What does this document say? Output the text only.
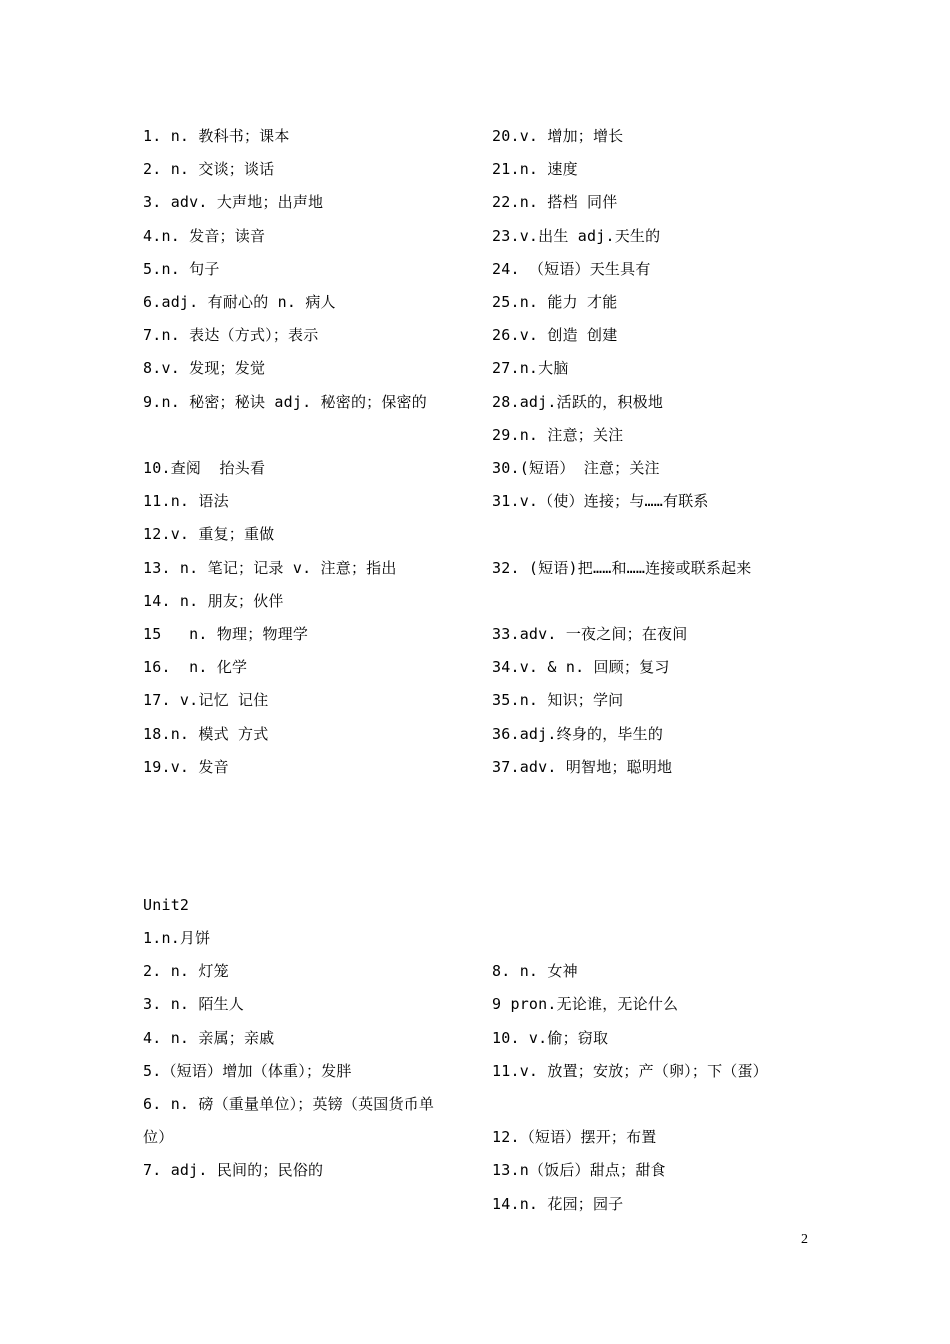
1. n. 教科书；课本
2. n. 交谈；谈话
3. adv. 大声地；出声地
4.n. 发音；读音
5.n. 句子
6.adj. 有耐心的 n. 病人
7.n. 表达（方式）；表示
8.v. 发现；发觉
9.n. 秘密；秘诀 adj. 秘密的；保密的
10.查阅  抬头看
11.n. 语法
12.v. 重复；重做
13. n. 笔记；记录 v. 注意；指出
14. n. 朋友；伙伴
15   n. 物理；物理学
16.  n. 化学
17. v.记忆 记住
18.n. 模式 方式
19.v. 发音
20.v. 增加；增长
21.n. 速度
22.n. 搭档 同伴
23.v.出生 adj.天生的
24. （短语）天生具有
25.n. 能力 才能
26.v. 创造 创建
27.n.大脑
28.adj.活跃的，积极地
29.n. 注意；关注
30.(短语） 注意；关注
31.v.（使）连接；与……有联系
32. (短语)把……和……连接或联系起来
33.adv. 一夜之间；在夜间
34.v. & n. 回顾；复习
35.n. 知识；学问
36.adj.终身的，毕生的
37.adv. 明智地；聪明地
Unit2
1.n.月饼
2. n. 灯笼
3. n. 陌生人
4. n. 亲属；亲戚
5.（短语）增加（体重）；发胖
6. n. 磅（重量单位）；英镑（英国货币单
位）
7. adj. 民间的；民俗的
8. n. 女神
9 pron.无论谁，无论什么
10. v.偷；窃取
11.v. 放置；安放；产（卵）；下（蛋）
12.（短语）摆开；布置
13.n（饭后）甜点；甜食
14.n. 花园；园子
2
